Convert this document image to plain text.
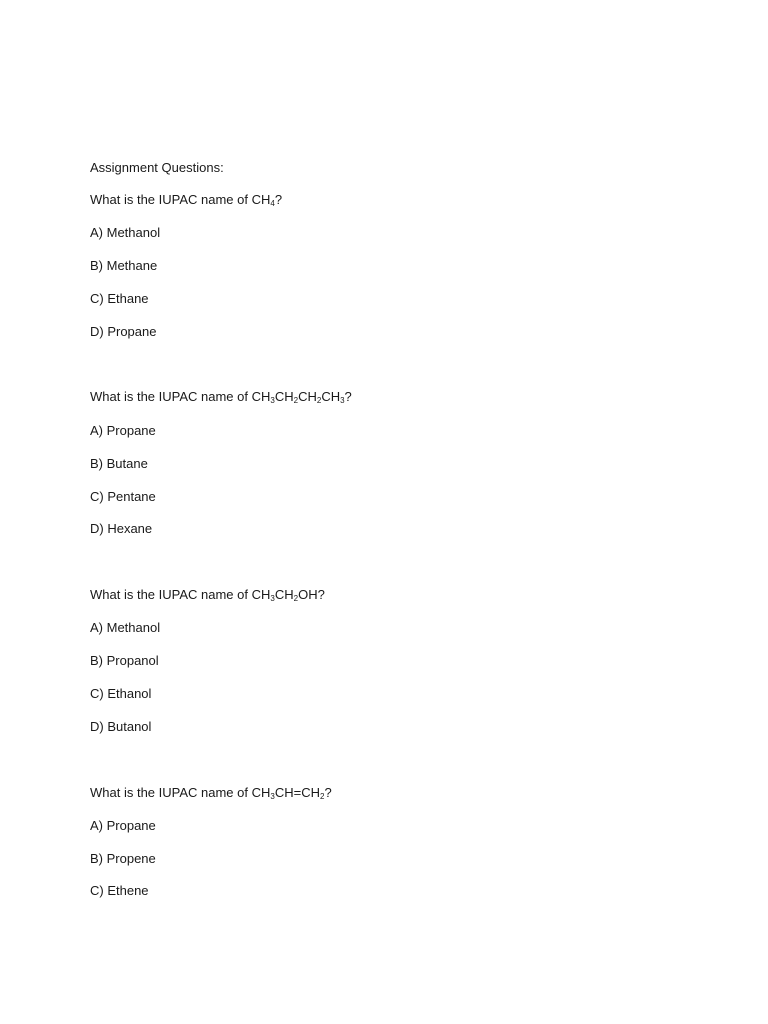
Assignment Questions:
What is the IUPAC name of $CH_4$?
A) Methanol
B) Methane
C) Ethane
D) Propane
What is the IUPAC name of $CH_3CH_2CH_2CH_3$?
A) Propane
B) Butane
C) Pentane
D) Hexane
What is the IUPAC name of $CH_3CH_2OH$?
A) Methanol
B) Propanol
C) Ethanol
D) Butanol
What is the IUPAC name of $CH_3CH=CH_2$?
A) Propane
B) Propene
C) Ethene
